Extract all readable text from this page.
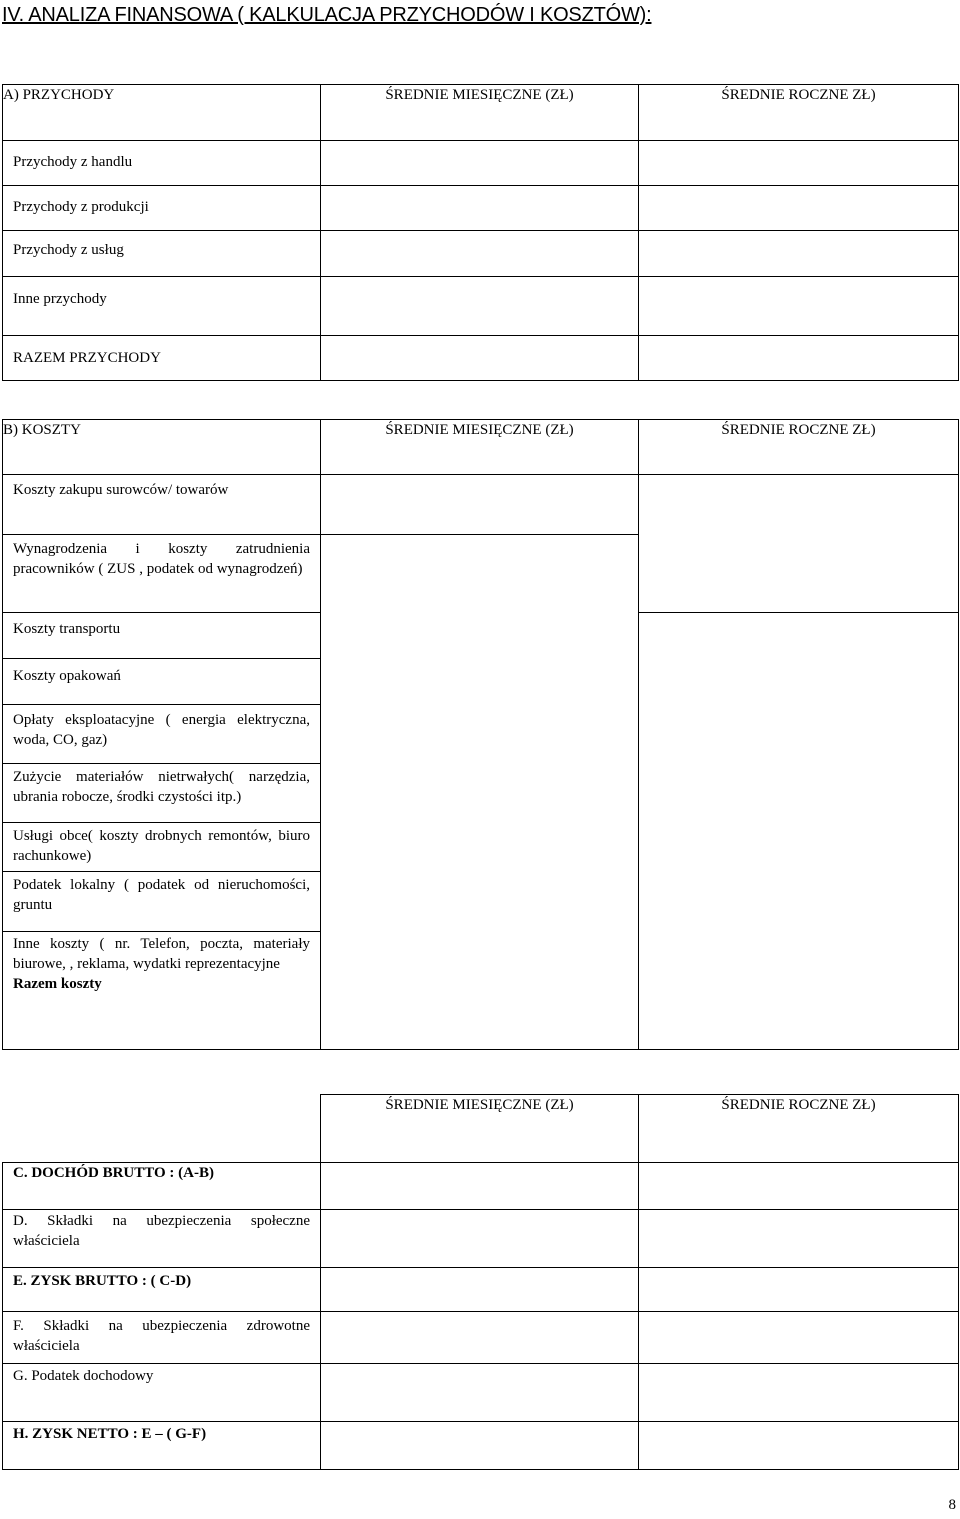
IV. ANALIZA FINANSOWA ( KALKULACJA PRZYCHODÓW I KOSZTÓW):
A) PRZYCHODY	ŚREDNIE MIESIĘCZNE (ZŁ)	ŚREDNIE ROCZNE ZŁ)

Przychody z handlu		

Przychody z produkcji		

Przychody z usług		

Inne przychody		

RAZEM PRZYCHODY		

B) KOSZTY	ŚREDNIE MIESIĘCZNE (ZŁ)	ŚREDNIE ROCZNE ZŁ)

Koszty zakupu surowców/ towarów		

Wynagrodzenia i koszty zatrudnienia pracowników ( ZUS , podatek od wynagrodzeń)		

Koszty transportu		

Koszty opakowań		

Opłaty eksploatacyjne ( energia elektryczna, woda, CO, gaz)		

Zużycie materiałów nietrwałych( narzędzia, ubrania robocze, środki czystości itp.)		

Usługi obce( koszty drobnych remontów, biuro rachunkowe)		

Podatek lokalny ( podatek od nieruchomości, gruntu		

Inne koszty ( nr. Telefon, poczta, materiały biurowe, , reklama, wydatki reprezentacyjne
Razem koszty		
	ŚREDNIE MIESIĘCZNE (ZŁ)	ŚREDNIE ROCZNE ZŁ)

C. DOCHÓD BRUTTO : (A-B)		

D. Składki na ubezpieczenia społeczne właściciela		

E. ZYSK BRUTTO : ( C-D)		

F. Składki na ubezpieczenia zdrowotne właściciela		

G. Podatek dochodowy		

H. ZYSK NETTO : E – ( G-F)		

8
